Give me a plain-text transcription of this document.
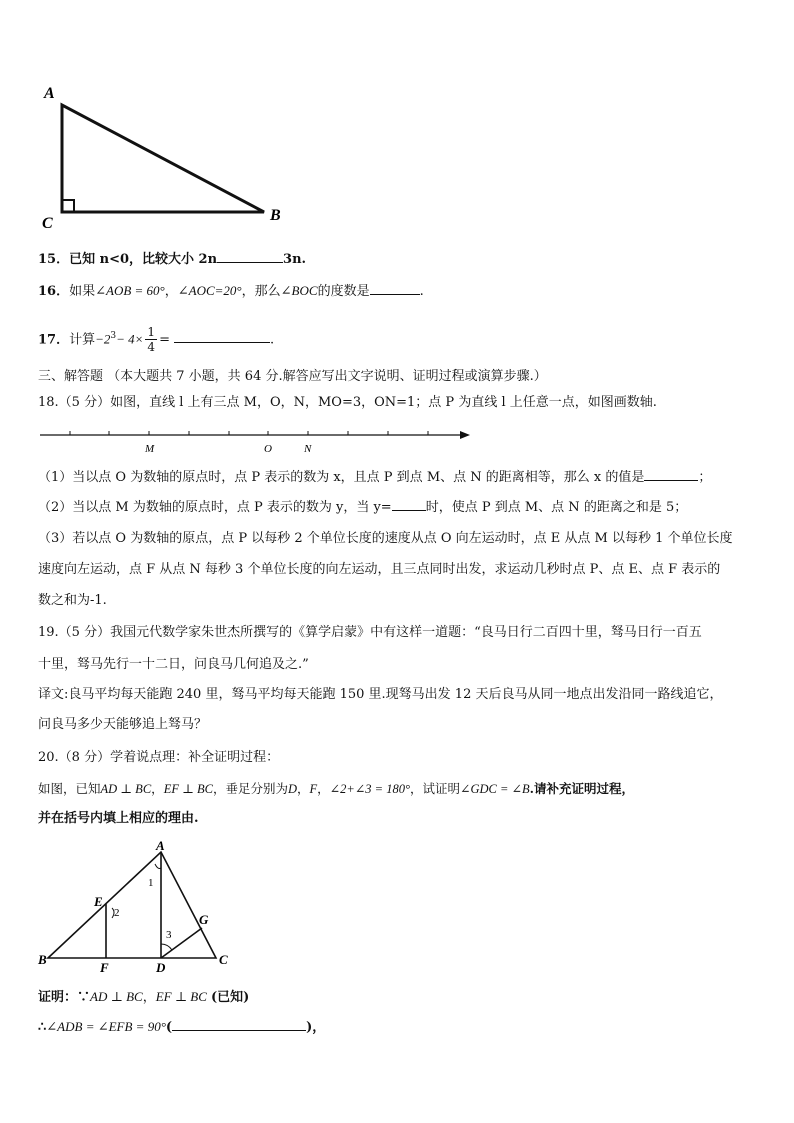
A
C	B
15．已知 n<0，比较大小 2n	3n.
16．如果∠AOB = 60°，∠AOC=20°，那么∠BOC的度数是	.
17．计算$-2^3- 4\times \frac{1}{4}$ =	.
三、解答题 （本大题共 7 小题，共 64 分.解答应写出文字说明、证明过程或演算步骤.）
18.（5 分）如图，直线 l 上有三点 M，O，N，MO=3，ON=1；点 P 为直线 l 上任意一点，如图画数轴.
M	O	N
（1）当以点 O 为数轴的原点时，点 P 表示的数为 x，且点 P 到点 M、点 N 的距离相等，那么 x 的值是	；
（2）当以点 M 为数轴的原点时，点 P 表示的数为 y，当 y=	时，使点 P 到点 M、点 N 的距离之和是 5；
（3）若以点 O 为数轴的原点，点 P 以每秒 2 个单位长度的速度从点 O 向左运动时，点 E 从点 M 以每秒 1 个单位长度
速度向左运动，点 F 从点 N 每秒 3 个单位长度的向左运动，且三点同时出发，求运动几秒时点 P、点 E、点 F 表示的
数之和为-1.
19.（5 分）我国元代数学家朱世杰所撰写的《算学启蒙》中有这样一道题：“良马日行二百四十里，驽马日行一百五
十里，驽马先行一十二日，问良马几何追及之.”
译文:良马平均每天能跑 240 里，驽马平均每天能跑 150 里.现驽马出发 12 天后良马从同一地点出发沿同一路线追它，
问良马多少天能够追上驽马？
20.（8 分）学着说点理：补全证明过程：
如图，已知AD ⊥ BC，EF ⊥ BC，垂足分别为D，F，∠2+∠3 = 180°，试证明∠GDC = ∠B.请补充证明过程，
并在括号内填上相应的理由.
A
B	C
D
E
F
G
1
2
3
证明：∵AD ⊥ BC，EF ⊥ BC (已知)
∴∠ADB = ∠EFB = 90°(	)，
